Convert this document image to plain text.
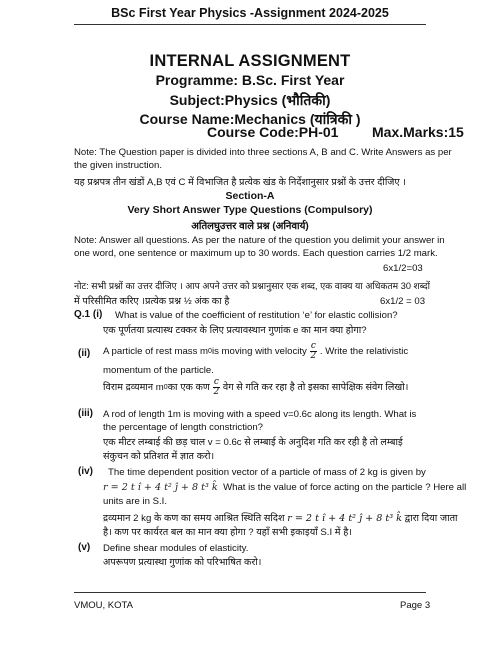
BSc First Year Physics -Assignment 2024-2025
INTERNAL ASSIGNMENT
Programme: B.Sc. First Year
Subject:Physics (भौतिकी)
Course Name:Mechanics (यांत्रिकी )
Course Code:PH-01 Max.Marks:15
Note: The Question paper is divided into three sections A, B and C. Write Answers as per
the given instruction.
यह प्रश्नपत्र तीन खंडों A,B एवं C में विभाजित है प्रत्येक खंड के निर्देशानुसार प्रश्नों के उत्तर दीजिए ।
Section-A
Very Short Answer Type Questions (Compulsory)
अतिलघुउत्तर वाले प्रश्न (अनिवार्य)
Note: Answer all questions. As per the nature of the question you delimit your answer in
one word, one sentence or maximum up to 30 words. Each question carries 1/2 mark.
6x1/2=03
नोट: सभी प्रश्नों का उत्तर दीजिए । आप अपने उत्तर को प्रश्नानुसार एक शब्द, एक वाक्य या अधिकतम 30 शब्दों
में परिसीमित करिए ।प्रत्येक प्रश्न ½ अंक का है	6x1/2 = 03
Q.1 (i) What is value of the coefficient of restitution ‘e’ for elastic collision?
एक पूर्णतया प्रत्यास्थ टक्कर के लिए प्रत्यावस्थान गुणांक e का मान क्या होगा?
(ii) A particle of rest mass m 0 is moving with velocity $\frac{c}{2}$ . Write the relativistic
momentum of the particle.
विराम द्रव्यमान m 0 का एक कण $\frac{c}{2}$ वेग से गति कर रहा है तो इसका सापेक्षिक संवेग लिखो।
(iii) A rod of length 1m is moving with a speed v=0.6c along its length. What is
the percentage of length constriction?
एक मीटर लम्बाई की छड़ चाल v = 0.6c से लम्बाई के अनुदिश गति कर रही है तो लम्बाई
संकुचन को प्रतिशत में ज्ञात करो।
(iv) The time dependent position vector of a particle of mass of 2 kg is given by
r = 2 t î + 4 t² ĵ + 8 t³ k̂ What is the value of force acting on the particle ? Here all
units are in S.I.
द्रव्यमान 2 kg के कण का समय आश्रित स्थिति सदिश r = 2 t î + 4 t² ĵ + 8 t³ k̂ द्वारा दिया जाता
है। कण पर कार्यरत बल का मान क्या होगा ? यहाँ सभी इकाइयाँ S.I में है।
(v) Define shear modules of elasticity.
अपरूपण प्रत्यास्था गुणांक को परिभाषित करो।
VMOU, KOTA	Page 3
